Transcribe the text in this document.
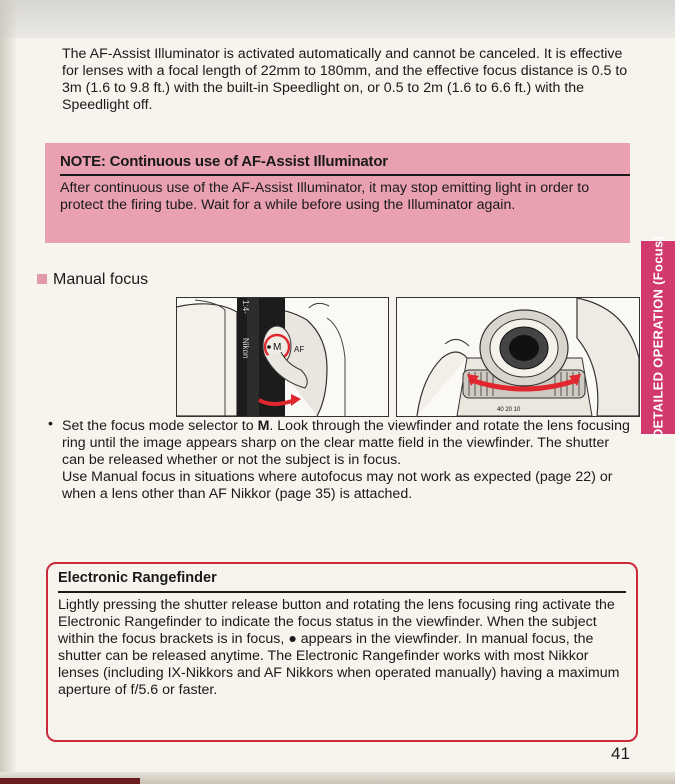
The AF-Assist Illuminator is activated automatically and cannot be canceled. It is effective for lenses with a focal length of 22mm to 180mm, and the effective focus distance is 0.5 to 3m (1.6 to 9.8 ft.) with the built-in Speedlight on, or 0.5 to 2m (1.6 to 6.6 ft.) with the Speedlight off.
NOTE: Continuous use of AF-Assist Illuminator
After continuous use of the AF-Assist Illuminator, it may stop emitting light in order to protect the firing tube. Wait for a while before using the Illuminator again.
DETAILED OPERATION (Focus)
Manual focus
Nikon
1:4-
M AF
40 20 10
• Set the focus mode selector to M. Look through the viewfinder and rotate the lens focusing ring until the image appears sharp on the clear matte field in the viewfinder. The shutter can be released whether or not the subject is in focus.
Use Manual focus in situations where autofocus may not work as expected (page 22) or when a lens other than AF Nikkor (page 35) is attached.
Electronic Rangefinder
Lightly pressing the shutter release button and rotating the lens focusing ring activate the Electronic Rangefinder to indicate the focus status in the viewfinder. When the subject within the focus brackets is in focus, ● appears in the viewfinder. In manual focus, the shutter can be released anytime. The Electronic Rangefinder works with most Nikkor lenses (including IX-Nikkors and AF Nikkors when operated manually) having a maximum aperture of f/5.6 or faster.
41
